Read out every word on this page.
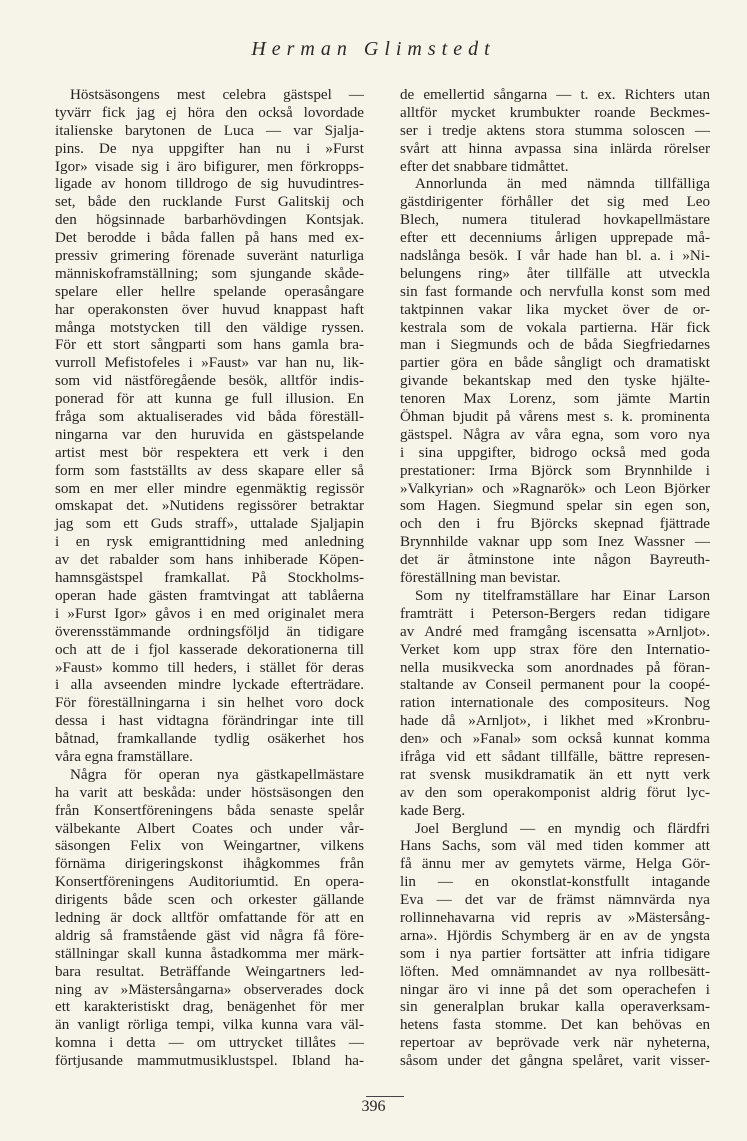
Herman Glimstedt
Höstsäsongens mest celebra gästspel —
tyvärr fick jag ej höra den också lovordade
italienske barytonen de Luca — var Sjalja-
pins. De nya uppgifter han nu i »Furst
Igor» visade sig i äro bifigurer, men förkropps-
ligade av honom tilldrogo de sig huvudintres-
set, både den rucklande Furst Galitskij och
den högsinnade barbarhövdingen Kontsjak.
Det berodde i båda fallen på hans med ex-
pressiv grimering förenade suveränt naturliga
människoframställning; som sjungande skåde-
spelare eller hellre spelande operasångare
har operakonsten över huvud knappast haft
många motstycken till den väldige ryssen.
För ett stort sångparti som hans gamla bra-
vurroll Mefistofeles i »Faust» var han nu, lik-
som vid nästföregående besök, alltför indis-
ponerad för att kunna ge full illusion. En
fråga som aktualiserades vid båda föreställ-
ningarna var den huruvida en gästspelande
artist mest bör respektera ett verk i den
form som fastställts av dess skapare eller så
som en mer eller mindre egenmäktig regissör
omskapat det. »Nutidens regissörer betraktar
jag som ett Guds straff», uttalade Sjaljapin
i en rysk emigranttidning med anledning
av det rabalder som hans inhiberade Köpen-
hamnsgästspel framkallat. På Stockholms-
operan hade gästen framtvingat att tablåerna
i »Furst Igor» gåvos i en med originalet mera
överensstämmande ordningsföljd än tidigare
och att de i fjol kasserade dekorationerna till
»Faust» kommo till heders, i stället för deras
i alla avseenden mindre lyckade efterträdare.
För föreställningarna i sin helhet voro dock
dessa i hast vidtagna förändringar inte till
båtnad, framkallande tydlig osäkerhet hos
våra egna framställare.
Några för operan nya gästkapellmästare
ha varit att beskåda: under höstsäsongen den
från Konsertföreningens båda senaste spelår
välbekante Albert Coates och under vår-
säsongen Felix von Weingartner, vilkens
förnäma dirigeringskonst ihågkommes från
Konsertföreningens Auditoriumtid. En opera-
dirigents både scen och orkester gällande
ledning är dock alltför omfattande för att en
aldrig så framstående gäst vid några få före-
ställningar skall kunna åstadkomma mer märk-
bara resultat. Beträffande Weingartners led-
ning av »Mästersångarna» observerades dock
ett karakteristiskt drag, benägenhet för mer
än vanligt rörliga tempi, vilka kunna vara väl-
komna i detta — om uttrycket tillåtes —
förtjusande mammutmusiklustspel. Ibland ha-
de emellertid sångarna — t. ex. Richters utan
alltför mycket krumbukter roande Beckmes-
ser i tredje aktens stora stumma soloscen —
svårt att hinna avpassa sina inlärda rörelser
efter det snabbare tidmåttet.
Annorlunda än med nämnda tillfälliga
gästdirigenter förhåller det sig med Leo
Blech, numera titulerad hovkapellmästare
efter ett decenniums årligen upprepade må-
nadslånga besök. I vår hade han bl. a. i »Ni-
belungens ring» åter tillfälle att utveckla
sin fast formande och nervfulla konst som med
taktpinnen vakar lika mycket över de or-
kestrala som de vokala partierna. Här fick
man i Siegmunds och de båda Siegfriedarnes
partier göra en både sångligt och dramatiskt
givande bekantskap med den tyske hjälte-
tenoren Max Lorenz, som jämte Martin
Öhman bjudit på vårens mest s. k. prominenta
gästspel. Några av våra egna, som voro nya
i sina uppgifter, bidrogo också med goda
prestationer: Irma Björck som Brynnhilde i
»Valkyrian» och »Ragnarök» och Leon Björker
som Hagen. Siegmund spelar sin egen son,
och den i fru Björcks skepnad fjättrade
Brynnhilde vaknar upp som Inez Wassner —
det är åtminstone inte någon Bayreuth-
föreställning man bevistar.
Som ny titelframställare har Einar Larson
framträtt i Peterson-Bergers redan tidigare
av André med framgång iscensatta »Arnljot».
Verket kom upp strax före den Internatio-
nella musikvecka som anordnades på föran-
staltande av Conseil permanent pour la coopé-
ration internationale des compositeurs. Nog
hade då »Arnljot», i likhet med »Kronbru-
den» och »Fanal» som också kunnat komma
ifråga vid ett sådant tillfälle, bättre represen-
rat svensk musikdramatik än ett nytt verk
av den som operakomponist aldrig förut lyc-
kade Berg.
Joel Berglund — en myndig och flärdfri
Hans Sachs, som väl med tiden kommer att
få ännu mer av gemytets värme, Helga Gör-
lin — en okonstlat-konstfullt intagande
Eva — det var de främst nämnvärda nya
rollinnehavarna vid repris av »Mästersång-
arna». Hjördis Schymberg är en av de yngsta
som i nya partier fortsätter att infria tidigare
löften. Med omnämnandet av nya rollbesätt-
ningar äro vi inne på det som operachefen i
sin generalplan brukar kalla operaverksam-
hetens fasta stomme. Det kan behövas en
repertoar av beprövade verk när nyheterna,
såsom under det gångna spelåret, varit visser-
396
